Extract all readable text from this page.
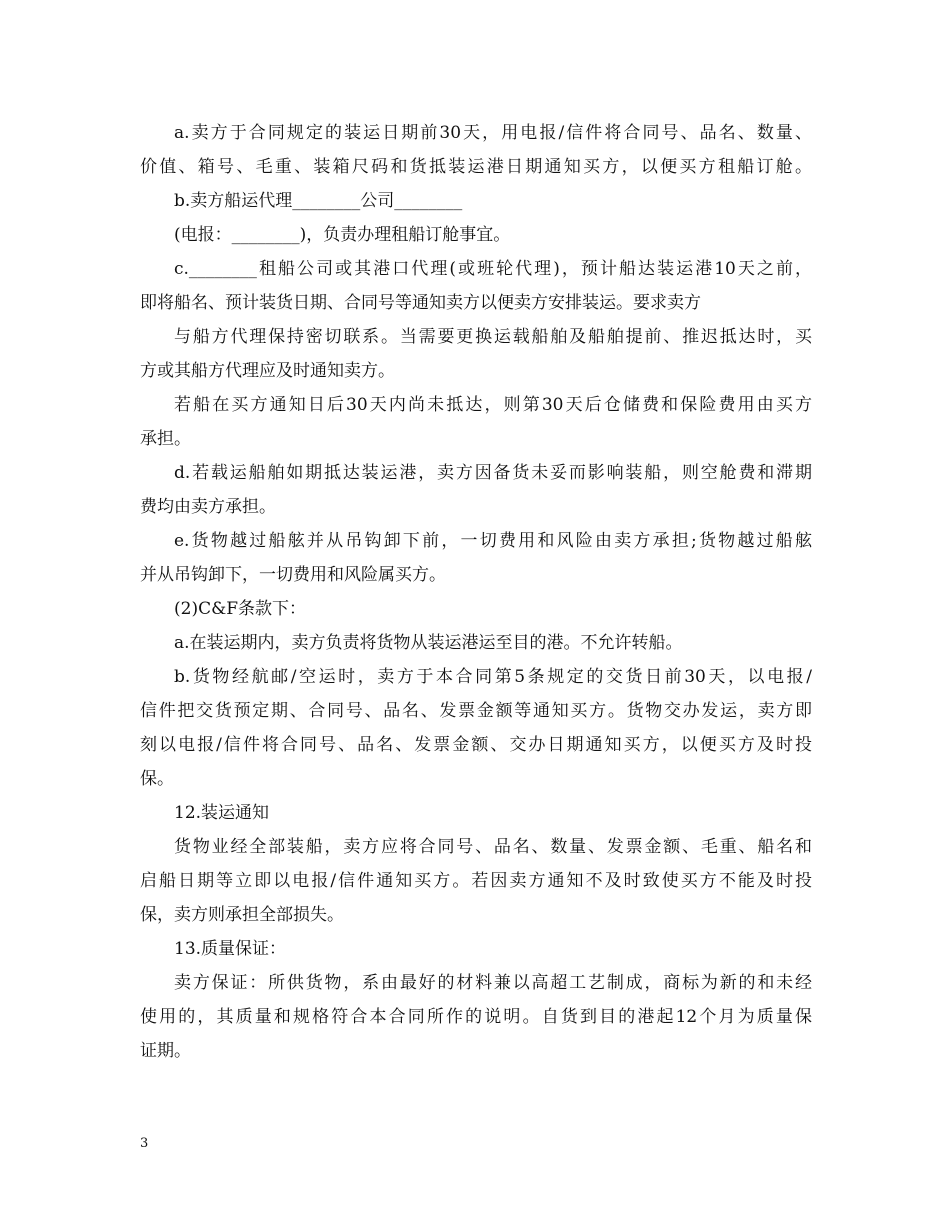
a.卖方于合同规定的装运日期前30天，用电报/信件将合同号、品名、数量、
价值、箱号、毛重、装箱尺码和货抵装运港日期通知买方，以便买方租船订舱。
b.卖方船运代理________公司________
(电报：________)，负责办理租船订舱事宜。
c.________租船公司或其港口代理(或班轮代理)，预计船达装运港10天之前，
即将船名、预计装货日期、合同号等通知卖方以便卖方安排装运。要求卖方
与船方代理保持密切联系。当需要更换运载船舶及船舶提前、推迟抵达时，买
方或其船方代理应及时通知卖方。
若船在买方通知日后30天内尚未抵达，则第30天后仓储费和保险费用由买方
承担。
d.若载运船舶如期抵达装运港，卖方因备货未妥而影响装船，则空舱费和滞期
费均由卖方承担。
e.货物越过船舷并从吊钩卸下前，一切费用和风险由卖方承担;货物越过船舷
并从吊钩卸下，一切费用和风险属买方。
(2)C&F条款下：
a.在装运期内，卖方负责将货物从装运港运至目的港。不允许转船。
b.货物经航邮/空运时，卖方于本合同第5条规定的交货日前30天，以电报/
信件把交货预定期、合同号、品名、发票金额等通知买方。货物交办发运，卖方即
刻以电报/信件将合同号、品名、发票金额、交办日期通知买方，以便买方及时投
保。
12.装运通知
货物业经全部装船，卖方应将合同号、品名、数量、发票金额、毛重、船名和
启船日期等立即以电报/信件通知买方。若因卖方通知不及时致使买方不能及时投
保，卖方则承担全部损失。
13.质量保证：
卖方保证：所供货物，系由最好的材料兼以高超工艺制成，商标为新的和未经
使用的，其质量和规格符合本合同所作的说明。自货到目的港起12个月为质量保
证期。
3
